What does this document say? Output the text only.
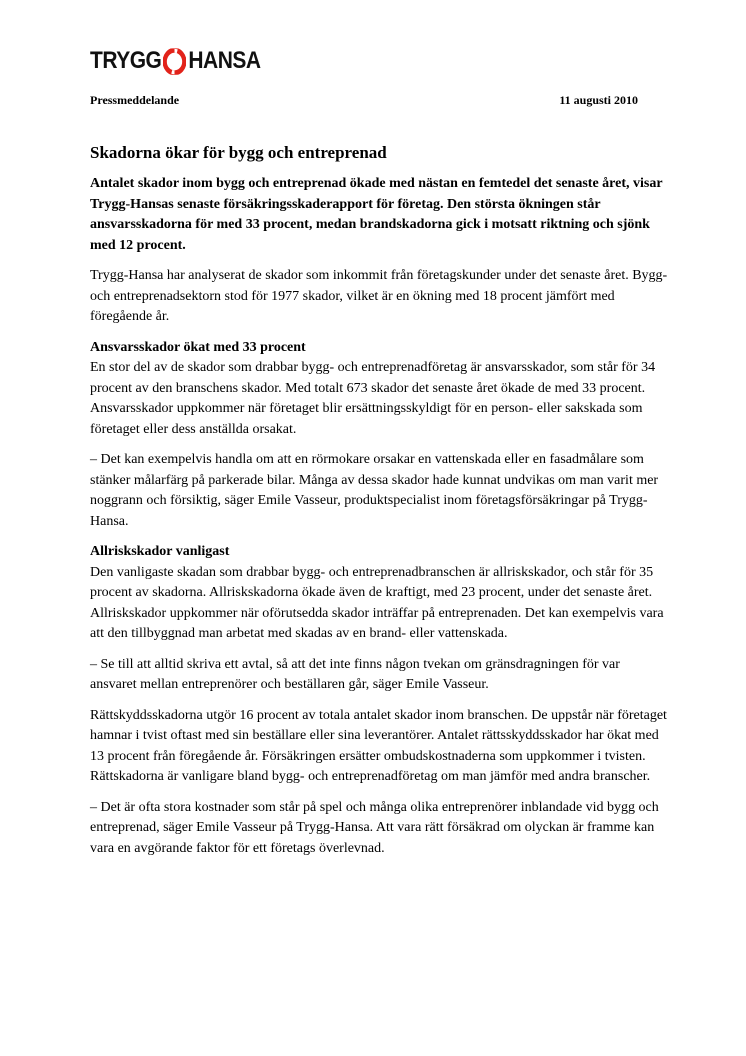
TRYGG HANSA
Pressmeddelande	11 augusti 2010
Skadorna ökar för bygg och entreprenad

Antalet skador inom bygg och entreprenad ökade med nästan en femtedel det senaste året, visar Trygg-Hansas senaste försäkringsskaderapport för företag. Den största ökningen står ansvarsskadorna för med 33 procent, medan brandskadorna gick i motsatt riktning och sjönk med 12 procent.

Trygg-Hansa har analyserat de skador som inkommit från företagskunder under det senaste året. Bygg- och entreprenadsektorn stod för 1977 skador, vilket är en ökning med 18 procent jämfört med föregående år.

Ansvarsskador ökat med 33 procent
En stor del av de skador som drabbar bygg- och entreprenadföretag är ansvarsskador, som står för 34 procent av den branschens skador. Med totalt 673 skador det senaste året ökade de med 33 procent. Ansvarsskador uppkommer när företaget blir ersättningsskyldigt för en person- eller sakskada som företaget eller dess anställda orsakat.

– Det kan exempelvis handla om att en rörmokare orsakar en vattenskada eller en fasadmålare som stänker målarfärg på parkerade bilar. Många av dessa skador hade kunnat undvikas om man varit mer noggrann och försiktig, säger Emile Vasseur, produktspecialist inom företagsförsäkringar på Trygg-Hansa.

Allriskskador vanligast
Den vanligaste skadan som drabbar bygg- och entreprenadbranschen är allriskskador, och står för 35 procent av skadorna. Allriskskadorna ökade även de kraftigt, med 23 procent, under det senaste året. Allriskskador uppkommer när oförutsedda skador inträffar på entreprenaden. Det kan exempelvis vara att den tillbyggnad man arbetat med skadas av en brand- eller vattenskada.

– Se till att alltid skriva ett avtal, så att det inte finns någon tvekan om gränsdragningen för var ansvaret mellan entreprenörer och beställaren går, säger Emile Vasseur.

Rättskyddsskadorna utgör 16 procent av totala antalet skador inom branschen. De uppstår när företaget hamnar i tvist oftast med sin beställare eller sina leverantörer. Antalet rättsskyddsskador har ökat med 13 procent från föregående år. Försäkringen ersätter ombudskostnaderna som uppkommer i tvisten. Rättskadorna är vanligare bland bygg- och entreprenadföretag om man jämför med andra branscher.

– Det är ofta stora kostnader som står på spel och många olika entreprenörer inblandade vid bygg och entreprenad, säger Emile Vasseur på Trygg-Hansa. Att vara rätt försäkrad om olyckan är framme kan vara en avgörande faktor för ett företags överlevnad.
